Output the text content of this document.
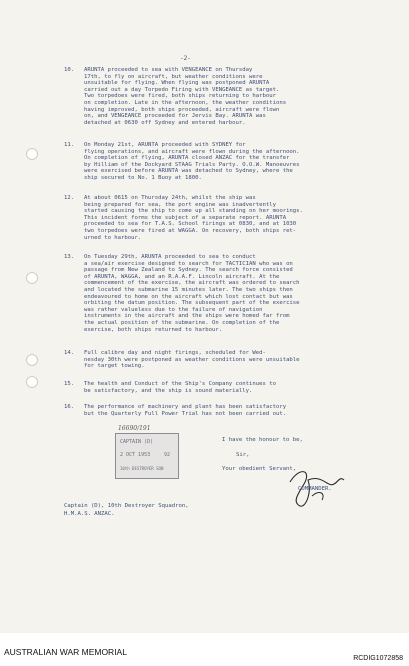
-2-
10. ARUNTA proceeded to sea with VENGEANCE on Thursday
17th, to fly on aircraft, but weather conditions were
unsuitable for flying. When flying was postponed ARUNTA
carried out a day Torpedo Firing with VENGEANCE as target.
Two torpedoes were fired, both ships returning to harbour
on completion. Late in the afternoon, the weather conditions
having improved, both ships proceeded, aircraft were flown
on, and VENGEANCE proceeded for Jervis Bay. ARUNTA was
detached at 0630 off Sydney and entered harbour.
11. On Monday 21st, ARUNTA proceeded with SYDNEY for
flying operations, and aircraft were flown during the afternoon.
On completion of flying, ARUNTA closed ANZAC for the transfer
by Hilliam of the Dockyard STAAG Trials Party. O.O.W. Manoeuvres
were exercised before ARUNTA was detached to Sydney, where the
ship secured to No. 1 Buoy at 1800.
12. At about 0615 on Thursday 24th, whilst the ship was
being prepared for sea, the port engine was inadvertently
started causing the ship to come up all standing on her moorings.
This incident forms the subject of a separate report. ARUNTA
proceeded to sea for T.A.S. School firings at 0830, and at 1030
two torpedoes were fired at WAGGA. On recovery, both ships ret-
urned to harbour.
13. On Tuesday 29th, ARUNTA proceeded to sea to conduct
a sea/air exercise designed to search for TACTICIAN who was on
passage from New Zealand to Sydney. The search force consisted
of ARUNTA, WAGGA, and an R.A.A.F. Lincoln aircraft. At the
commencement of the exercise, the aircraft was ordered to search
and located the submarine 15 minutes later. The two ships then
endeavoured to home on the aircraft which lost contact but was
orbiting the datum position. The subsequent part of the exercise
was rather valueless due to the failure of navigation
instruments in the aircraft and the ships were homed far from
the actual position of the submarine. On completion of the
exercise, both ships returned to harbour.
14. Full calibre day and night firings, scheduled for Wed-
nesday 30th were postponed as weather conditions were unsuitable
for target towing.
15. The health and Conduct of the Ship's Company continues to
be satisfactory, and the ship is sound materially.
16. The performance of machinery and plant has been satisfactory
but the Quarterly Full Power Trial has not been carried out.
16690/191
CAPTAIN (D)
2 OCT 1953	92
10th DESTROYER SQN
I have the honour to be,
Sir,
Your obedient Servant,
COMMANDER.
Captain (D), 10th Destroyer Squadron,
H.M.A.S. ANZAC.
AUSTRALIAN WAR MEMORIAL
RCDIG1072858
